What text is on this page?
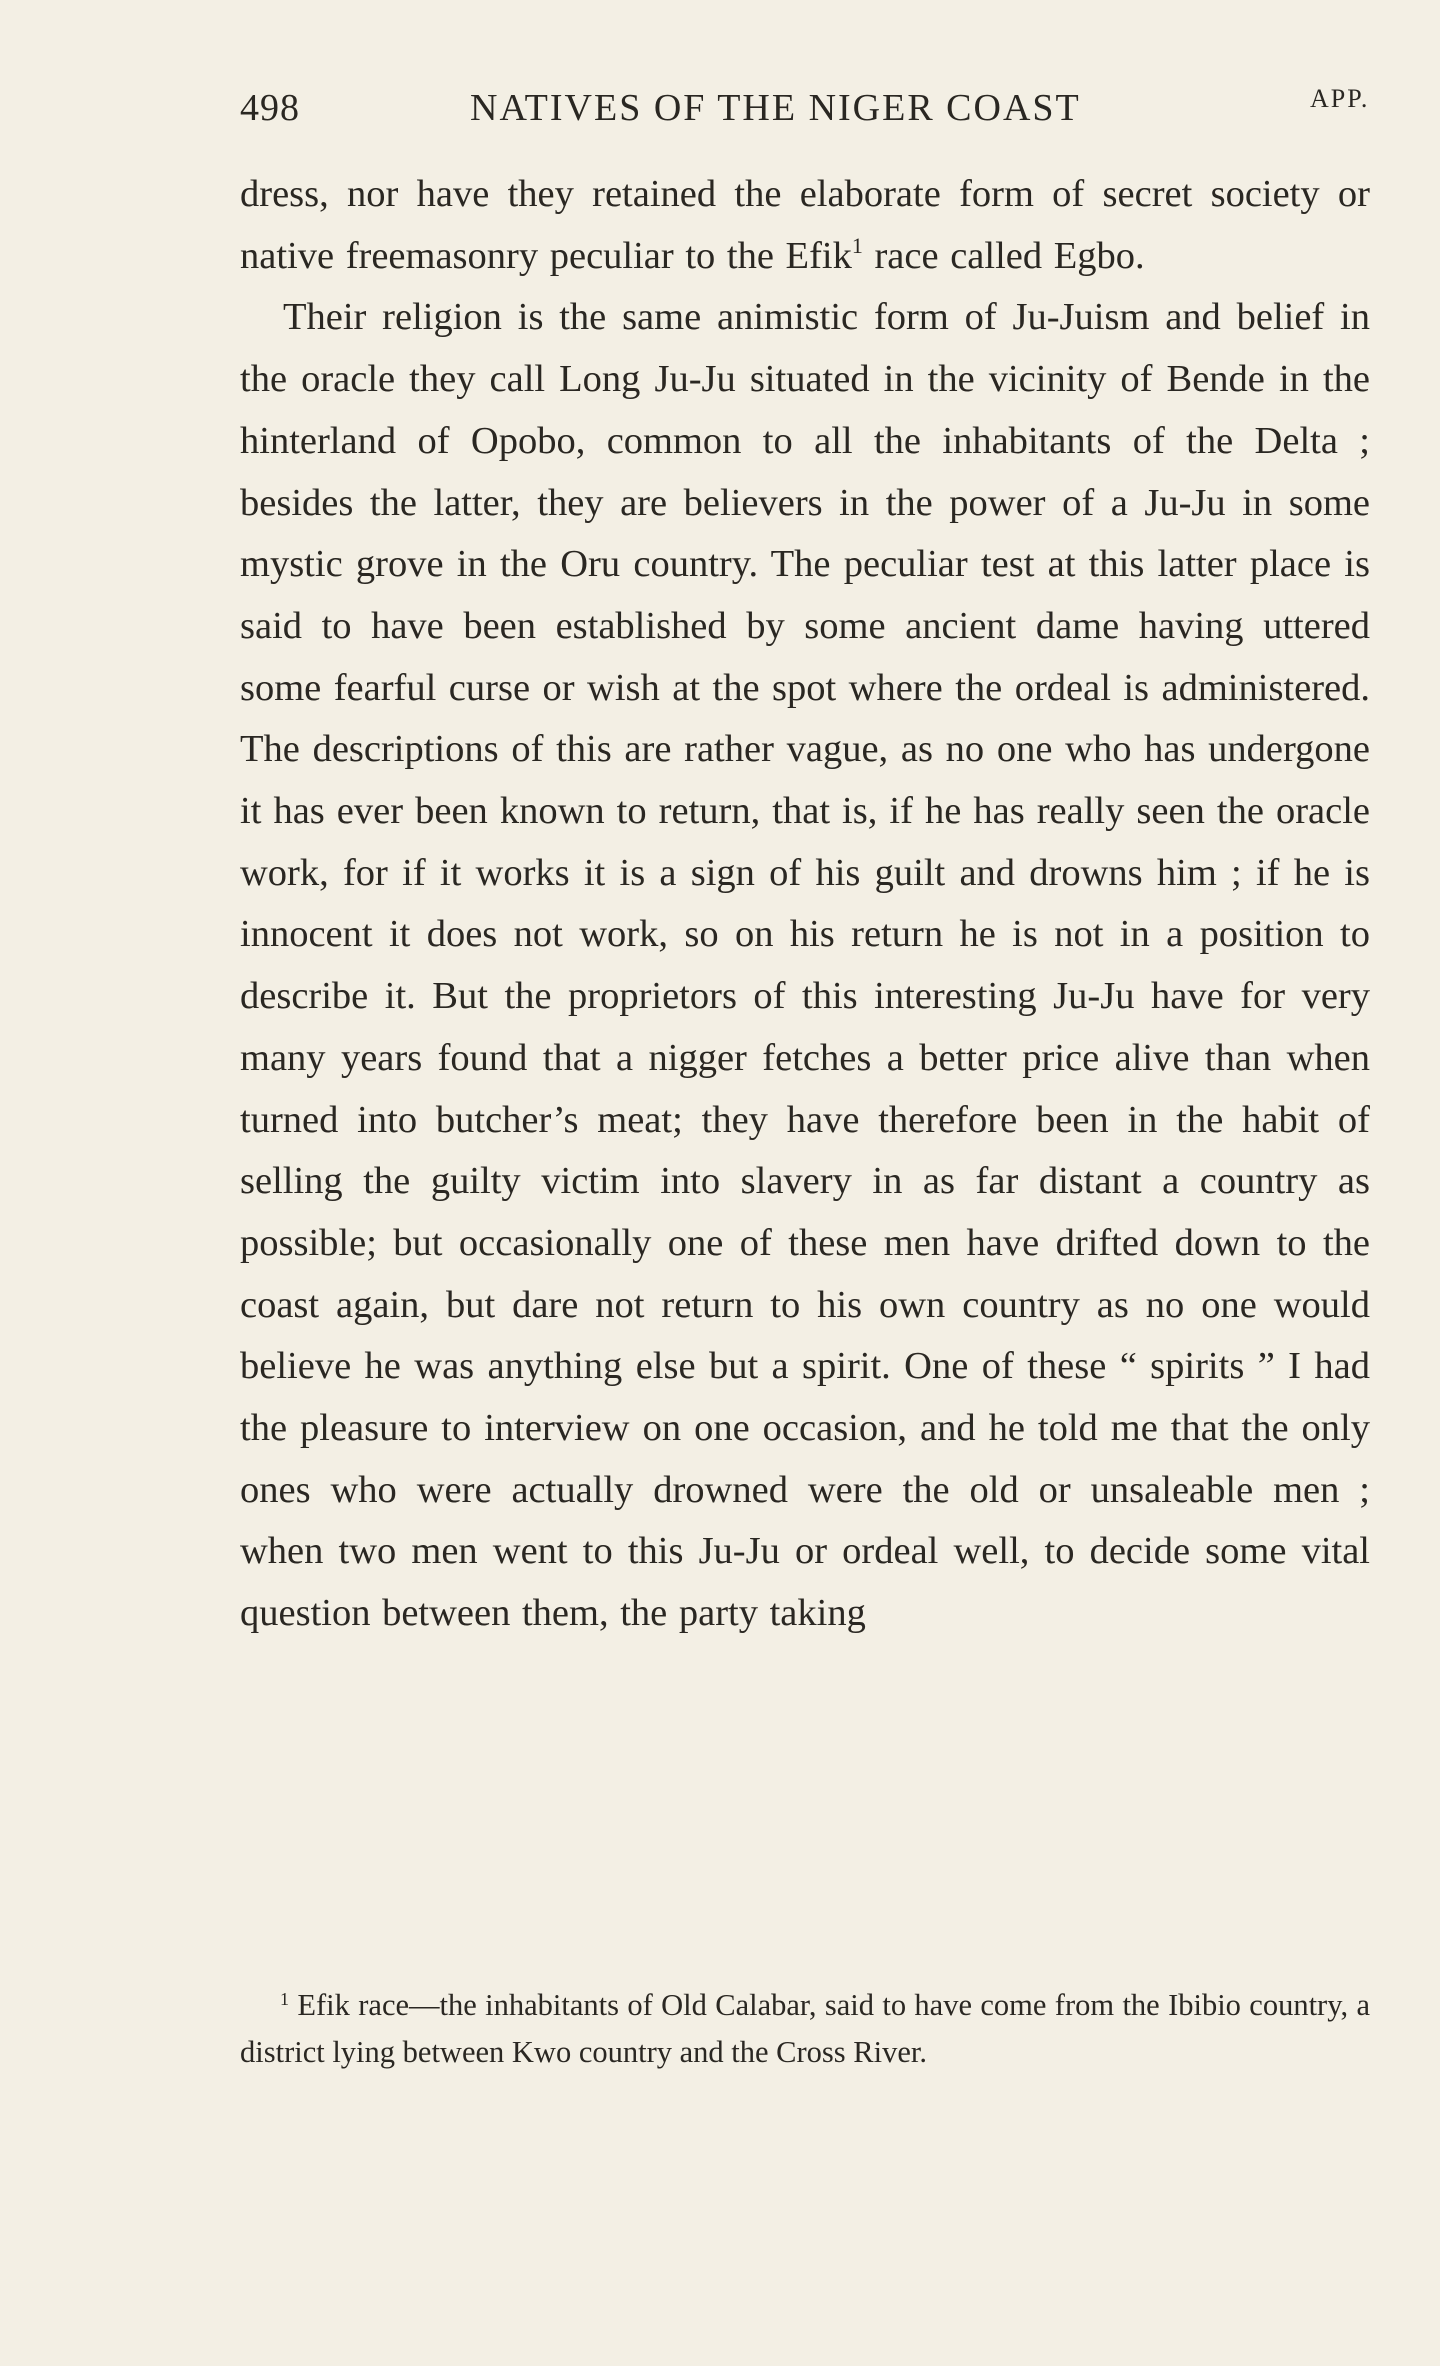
498	NATIVES OF THE NIGER COAST	APP.

dress, nor have they retained the elaborate form of secret society or native freemasonry peculiar to the Efik$^1$ race called Egbo.

Their religion is the same animistic form of Ju-Juism and belief in the oracle they call Long Ju-Ju situated in the vicinity of Bende in the hinterland of Opobo, common to all the inhabitants of the Delta ; besides the latter, they are believers in the power of a Ju-Ju in some mystic grove in the Oru country. The peculiar test at this latter place is said to have been established by some ancient dame having uttered some fearful curse or wish at the spot where the ordeal is administered. The descriptions of this are rather vague, as no one who has undergone it has ever been known to return, that is, if he has really seen the oracle work, for if it works it is a sign of his guilt and drowns him ; if he is innocent it does not work, so on his return he is not in a position to describe it. But the proprietors of this interesting Ju-Ju have for very many years found that a nigger fetches a better price alive than when turned into butcher’s meat; they have therefore been in the habit of selling the guilty victim into slavery in as far distant a country as possible; but occasionally one of these men have drifted down to the coast again, but dare not return to his own country as no one would believe he was anything else but a spirit. One of these “ spirits ” I had the pleasure to interview on one occasion, and he told me that the only ones who were actually drowned were the old or unsaleable men ; when two men went to this Ju-Ju or ordeal well, to decide some vital question between them, the party taking

$^1$ Efik race—the inhabitants of Old Calabar, said to have come from the Ibibio country, a district lying between Kwo country and the Cross River.
